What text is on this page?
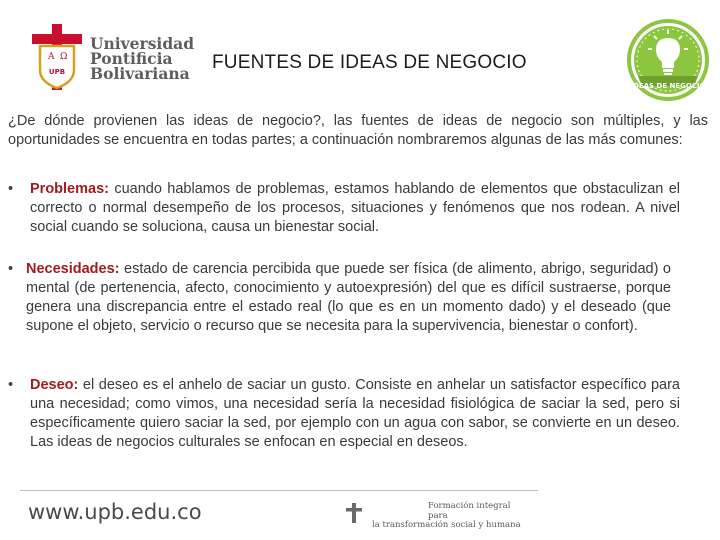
A Ω
UPB
Universidad
Pontificia
Bolivariana
FUENTES DE IDEAS DE NEGOCIO
IDEAS DE NEGOCIO

¿De dónde provienen las ideas de negocio?, las fuentes de ideas de negocio son múltiples, y las oportunidades se encuentra en todas partes; a continuación nombraremos algunas de las más comunes:

• Problemas: cuando hablamos de problemas, estamos hablando de elementos que obstaculizan el correcto o normal desempeño de los procesos, situaciones y fenómenos que nos rodean. A nivel social cuando se soluciona, causa un bienestar social.
• Necesidades: estado de carencia percibida que puede ser física (de alimento, abrigo, seguridad) o mental (de pertenencia, afecto, conocimiento y autoexpresión) del que es difícil sustraerse, porque genera una discrepancia entre el estado real (lo que es en un momento dado) y el deseado (que supone el objeto, servicio o recurso que se necesita para la supervivencia, bienestar o confort).
• Deseo: el deseo es el anhelo de saciar un gusto. Consiste en anhelar un satisfactor específico para una necesidad; como vimos, una necesidad sería la necesidad fisiológica de saciar la sed, pero si específicamente quiero saciar la sed, por ejemplo con un agua con sabor, se convierte en un deseo. Las ideas de negocios culturales se enfocan en especial en deseos.
www.upb.edu.co	Formación integral para
la transformación social y humana
